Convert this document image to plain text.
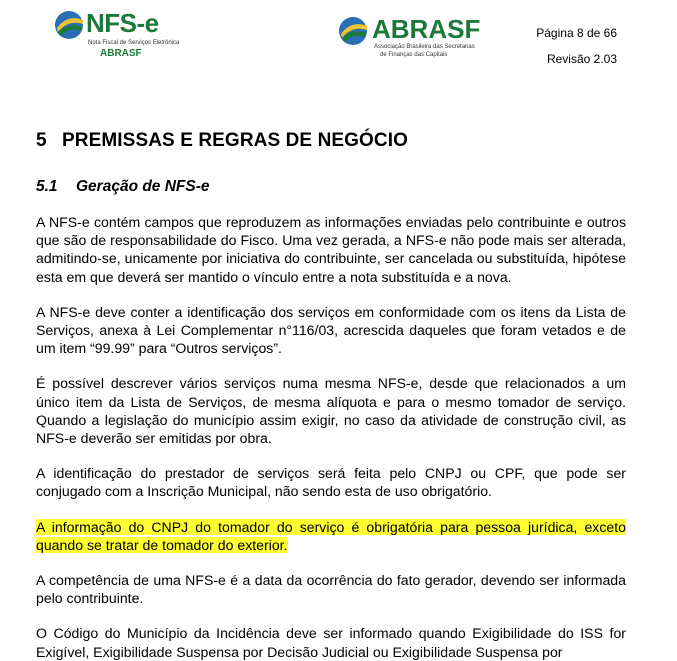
NFS-e
Nota Fiscal de Serviços Eletrônica
ABRASF
ABRASF
Associação Brasileira das Secretarias
de Finanças das Capitais
Página 8 de 66
Revisão 2.03
5 PREMISSAS E REGRAS DE NEGÓCIO
5.1 Geração de NFS-e

A NFS-e contém campos que reproduzem as informações enviadas pelo contribuinte e outros que são de responsabilidade do Fisco. Uma vez gerada, a NFS-e não pode mais ser alterada, admitindo-se, unicamente por iniciativa do contribuinte, ser cancelada ou substituída, hipótese esta em que deverá ser mantido o vínculo entre a nota substituída e a nova.

A NFS-e deve conter a identificação dos serviços em conformidade com os itens da Lista de Serviços, anexa à Lei Complementar n°116/03, acrescida daqueles que foram vetados e de um item “99.99” para “Outros serviços”.

É possível descrever vários serviços numa mesma NFS-e, desde que relacionados a um único item da Lista de Serviços, de mesma alíquota e para o mesmo tomador de serviço. Quando a legislação do município assim exigir, no caso da atividade de construção civil, as NFS-e deverão ser emitidas por obra.

A identificação do prestador de serviços será feita pelo CNPJ ou CPF, que pode ser conjugado com a Inscrição Municipal, não sendo esta de uso obrigatório.

A informação do CNPJ do tomador do serviço é obrigatória para pessoa jurídica, exceto quando se tratar de tomador do exterior.

A competência de uma NFS-e é a data da ocorrência do fato gerador, devendo ser informada pelo contribuinte.

O Código do Município da Incidência deve ser informado quando Exigibilidade do ISS for Exigível, Exigibilidade Suspensa por Decisão Judicial ou Exigibilidade Suspensa por
